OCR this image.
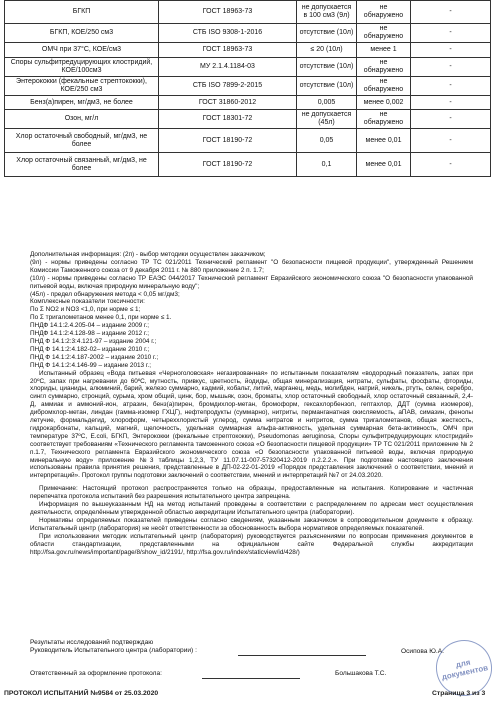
БГКП	ГОСТ 18963-73	не допускается в 100 см3 (9л)	не обнаружено	-
БГКП, КОЕ/250 см3	СТБ ISO 9308-1-2016	отсутствие (10л)	не обнаружено	-
ОМЧ при 37°С, КОЕ/см3	ГОСТ 18963-73	≤ 20 (10л)	менее 1	-
Споры сульфитредуцирующих клостридий, КОЕ/100см3	МУ 2.1.4.1184-03	отсутствие (10л)	не обнаружено	-
Энтерококки (фекальные стрептококки), КОЕ/250 см3	СТБ ISO 7899-2-2015	отсутствие (10л)	не обнаружено	-
Бенз(а)пирен, мг/дм3, не более	ГОСТ 31860-2012	0,005	менее 0,002	-
Озон, мг/л	ГОСТ 18301-72	не допускается (45л)	не обнаружено	-
Хлор остаточный свободный, мг/дм3, не более	ГОСТ 18190-72	0,05	менее 0,01	-
Хлор остаточный связанный, мг/дм3, не более	ГОСТ 18190-72	0,1	менее 0,01	-

Дополнительная информация: (2п) - выбор методики осуществлен заказчиком;

(9л) - нормы приведены согласно ТР ТС 021/2011 Технический регламент "О безопасности пищевой продукции", утвержденный Решением Комиссии Таможенного союза от 9 декабря 2011 г. № 880 приложение 2 п. 1.7;

(10л) - нормы приведены согласно ТР ЕАЭС 044/2017 Технический регламент Евразийского экономического союза "О безопасности упакованной питьевой воды, включая природную минеральную воду";

(45л) - предел обнаружения метода < 0,05 мг/дм3;

Комплексные показатели токсичности:

По Σ NO2 и NO3 <1,0, при норме ≤ 1;

По Σ тригалометанов менее 0,1, при норме ≤ 1.

ПНДФ 14.1:2.4.205-04 – издание 2009 г.;

ПНДФ 14.1:2:4.128-98 – издание 2012 г.;

ПНД Ф 14.1:2:3:4.121-97 – издание 2004 г.;

ПНД Ф 14.1:2:4.182-02– издание 2010 г.;

ПНД Ф 14.1:2:4.187-2002 – издание 2010 г.;

ПНД Ф 14.1:2:4.146-99 – издание 2013 г.;

Испытанный образец «Вода питьевая «Черноголовская» негазированная» по испытанным показателям «водородный показатель, запах при 20ºС, запах при нагревании до 60ºС, мутность, привкус, цветность, йодиды, общая минерализация, нитраты, сульфаты, фосфаты, фториды, хлориды, цианиды, алюминий, барий, железо суммарно, кадмий, кобальт, литий, марганец, медь, молибден, натрий, никель, ртуть, селен, серебро, сингл суммарно, стронций, сурьма, хром общий, цинк, бор, мышьяк, озон, броматы, хлор остаточный свободный, хлор остаточный связанный, 2,4-Д, аммиак и аммоний-ион, атразин, бенз(а)пирен, бромдихлор-метан, бромоформ, гексахлорбензол, гептахлор, ДДТ (сумма изомеров), дибромхлор-метан, линдан (гамма-изомер ГХЦГ), нефтепродукты (суммарно), нитриты, перманганатная окисляемость, аПАВ, симазин, фенолы летучие, формальдегид, хлороформ, четыреххлористый углерод, сумма нитратов и нитритов, сумма тригалометанов, общая жесткость, гидрокарбонаты, кальций, магний, щелочность, удельная суммарная альфа-активность, удельная суммарная бета-активность, ОМЧ при температуре 37ºС, E.coli, БГКП, Энтерококки (фекальные стрептококки), Pseudomonas aeruginosa, Споры сульфитредуцирующих клостридий» соответствует требованиям «Технического регламента таможенного союза «О безопасности пищевой продукции» ТР ТС 021/2011 приложение № 2 п.1.7, Технического регламента Евразийского экономического союза «О безопасности упакованной питьевой воды, включая природную минеральную воду» приложение №3 таблицы 1,2,3, ТУ 11.07.11-007-57320412-2019 п.2.2.2.». При подготовке настоящего заключения использованы правила принятия решения, представленные в ДП-02-22-01-2019 «Порядок представления заключений о соответствии, мнений и интерпретаций». Протокол группы подготовки заключений о соответствии, мнений и интерпретаций №7 от 24.03.2020.

Примечание: Настоящий протокол распространяется только на образцы, предоставленные на испытания. Копирование и частичная перепечатка протокола испытаний без разрешения испытательного центра запрещена.

Информация по вышеуказанным НД на метод испытаний проведены в соответствии с распределением по адресам мест осуществления деятельности, определённым утвержденной областью аккредитации Испытательного центра (лаборатории).

Нормативы определяемых показателей приведены согласно сведениям, указанным заказчиком в сопроводительном документе к образцу. Испытательный центр (лаборатория) не несёт ответственности за обоснованность выбора нормативов определяемых показателей.

При использовании методик испытательный центр (лаборатория) руководствуется разъяснениями по вопросам применения документов в области стандартизации, представленными на официальном сайте Федеральной службы аккредитации http://fsa.gov.ru/news/important/page/8/show_id/2191/, http://fsa.gov.ru/index/staticview/id/428/)

Результаты исследований подтверждаю
Руководитель Испытательного центра (лаборатории) :	Осипова Ю.А.
Ответственный за оформление протокола:	Большакова Т.С.
для документов
ПРОТОКОЛ ИСПЫТАНИЙ №9584 от 25.03.2020	Страница 3 из 3
